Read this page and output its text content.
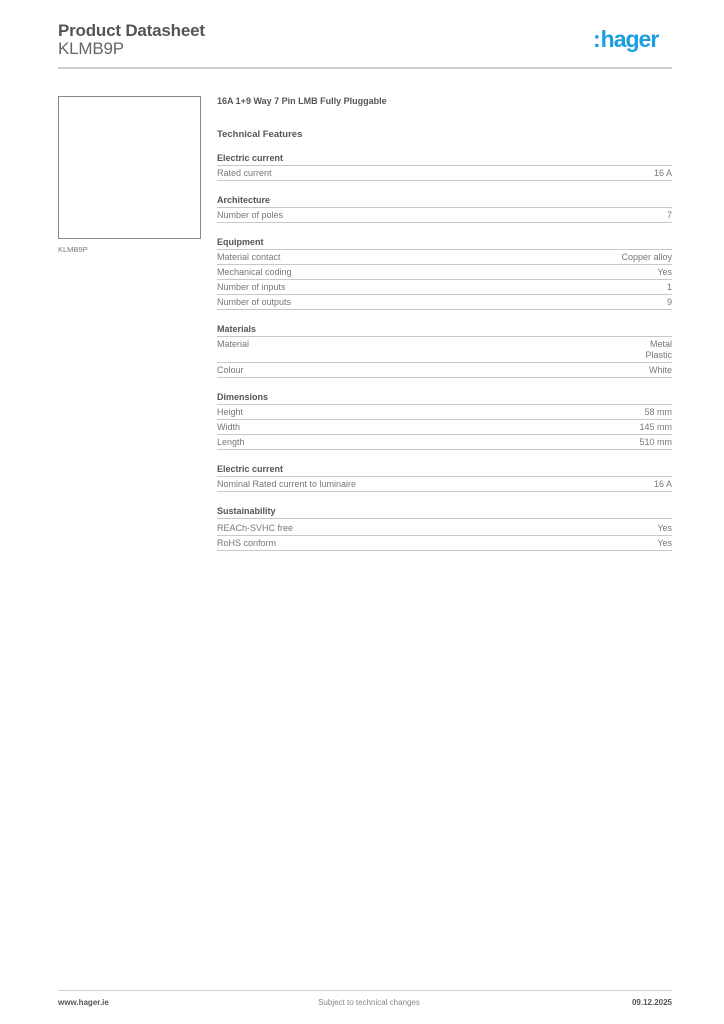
Product Datasheet
KLMB9P	:hager
KLMB9P
16A 1+9 Way 7 Pin LMB Fully Pluggable
Technical Features
Electric current
Rated current	16 A
Architecture
Number of poles	7
Equipment
Material contact	Copper alloy
Mechanical coding	Yes
Number of inputs	1
Number of outputs	9
Materials
Material	Metal
Plastic
Colour	White
Dimensions
Height	58 mm
Width	145 mm
Length	510 mm
Electric current
Nominal Rated current to luminaire	16 A
Sustainability
REACh-SVHC free	Yes
RoHS conform	Yes
www.hager.ie	Subject to technical changes	09.12.2025
